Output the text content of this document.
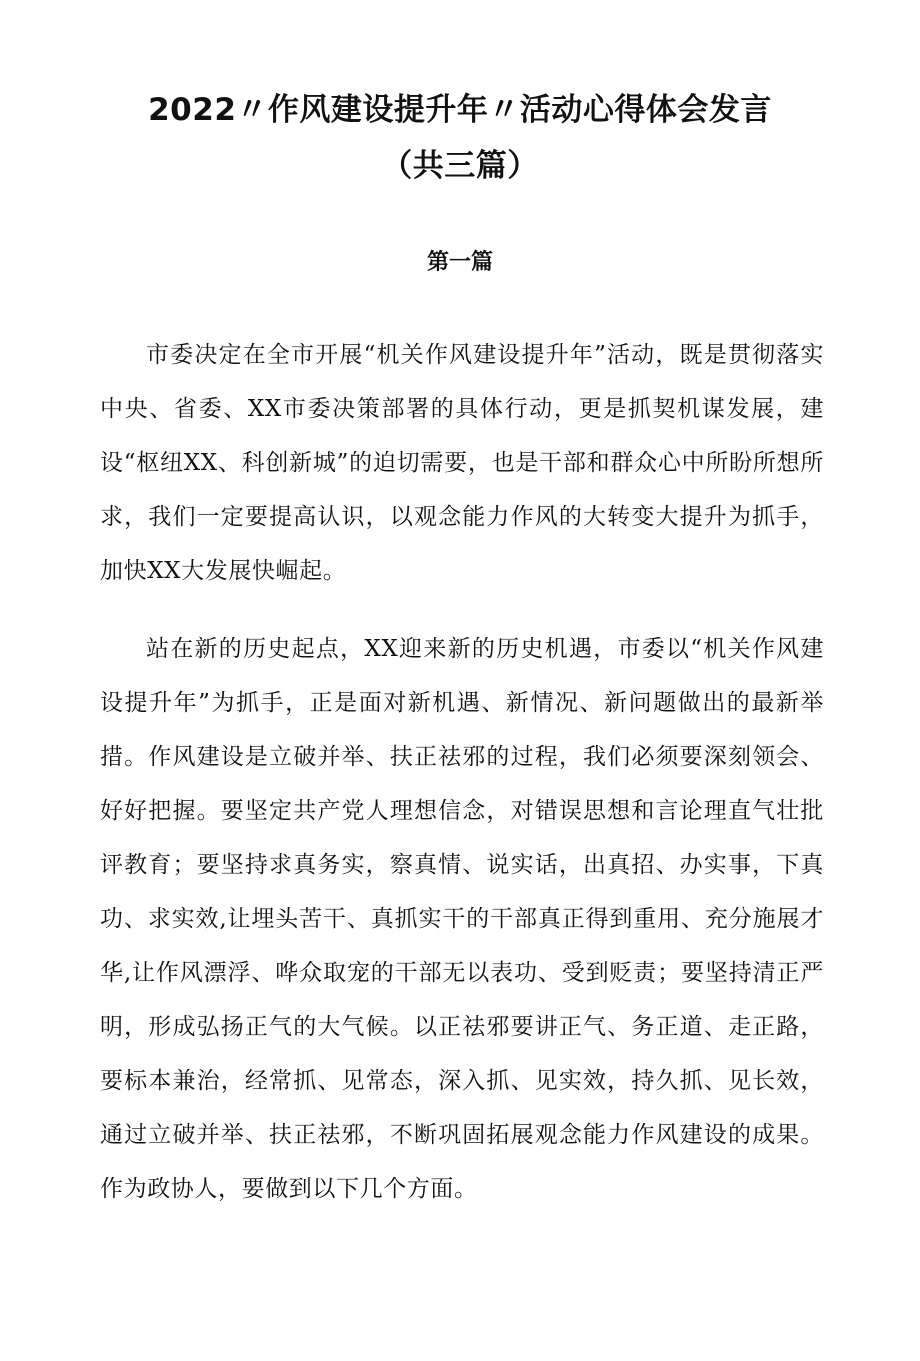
2022〃作风建设提升年〃活动心得体会发言
（共三篇）
第一篇

市委决定在全市开展“机关作风建设提升年”活动，既是贯彻落实中央、省委、XX市委决策部署的具体行动，更是抓契机谋发展，建设“枢纽XX、科创新城”的迫切需要，也是干部和群众心中所盼所想所求，我们一定要提高认识，以观念能力作风的大转变大提升为抓手，加快XX大发展快崛起。

站在新的历史起点，XX迎来新的历史机遇，市委以“机关作风建设提升年”为抓手，正是面对新机遇、新情况、新问题做出的最新举措。作风建设是立破并举、扶正祛邪的过程，我们必须要深刻领会、好好把握。要坚定共产党人理想信念，对错误思想和言论理直气壮批评教育；要坚持求真务实，察真情、说实话，出真招、办实事，下真功、求实效,让埋头苦干、真抓实干的干部真正得到重用、充分施展才华,让作风漂浮、哗众取宠的干部无以表功、受到贬责；要坚持清正严明，形成弘扬正气的大气候。以正祛邪要讲正气、务正道、走正路，要标本兼治，经常抓、见常态，深入抓、见实效，持久抓、见长效，通过立破并举、扶正祛邪，不断巩固拓展观念能力作风建设的成果。作为政协人，要做到以下几个方面。
